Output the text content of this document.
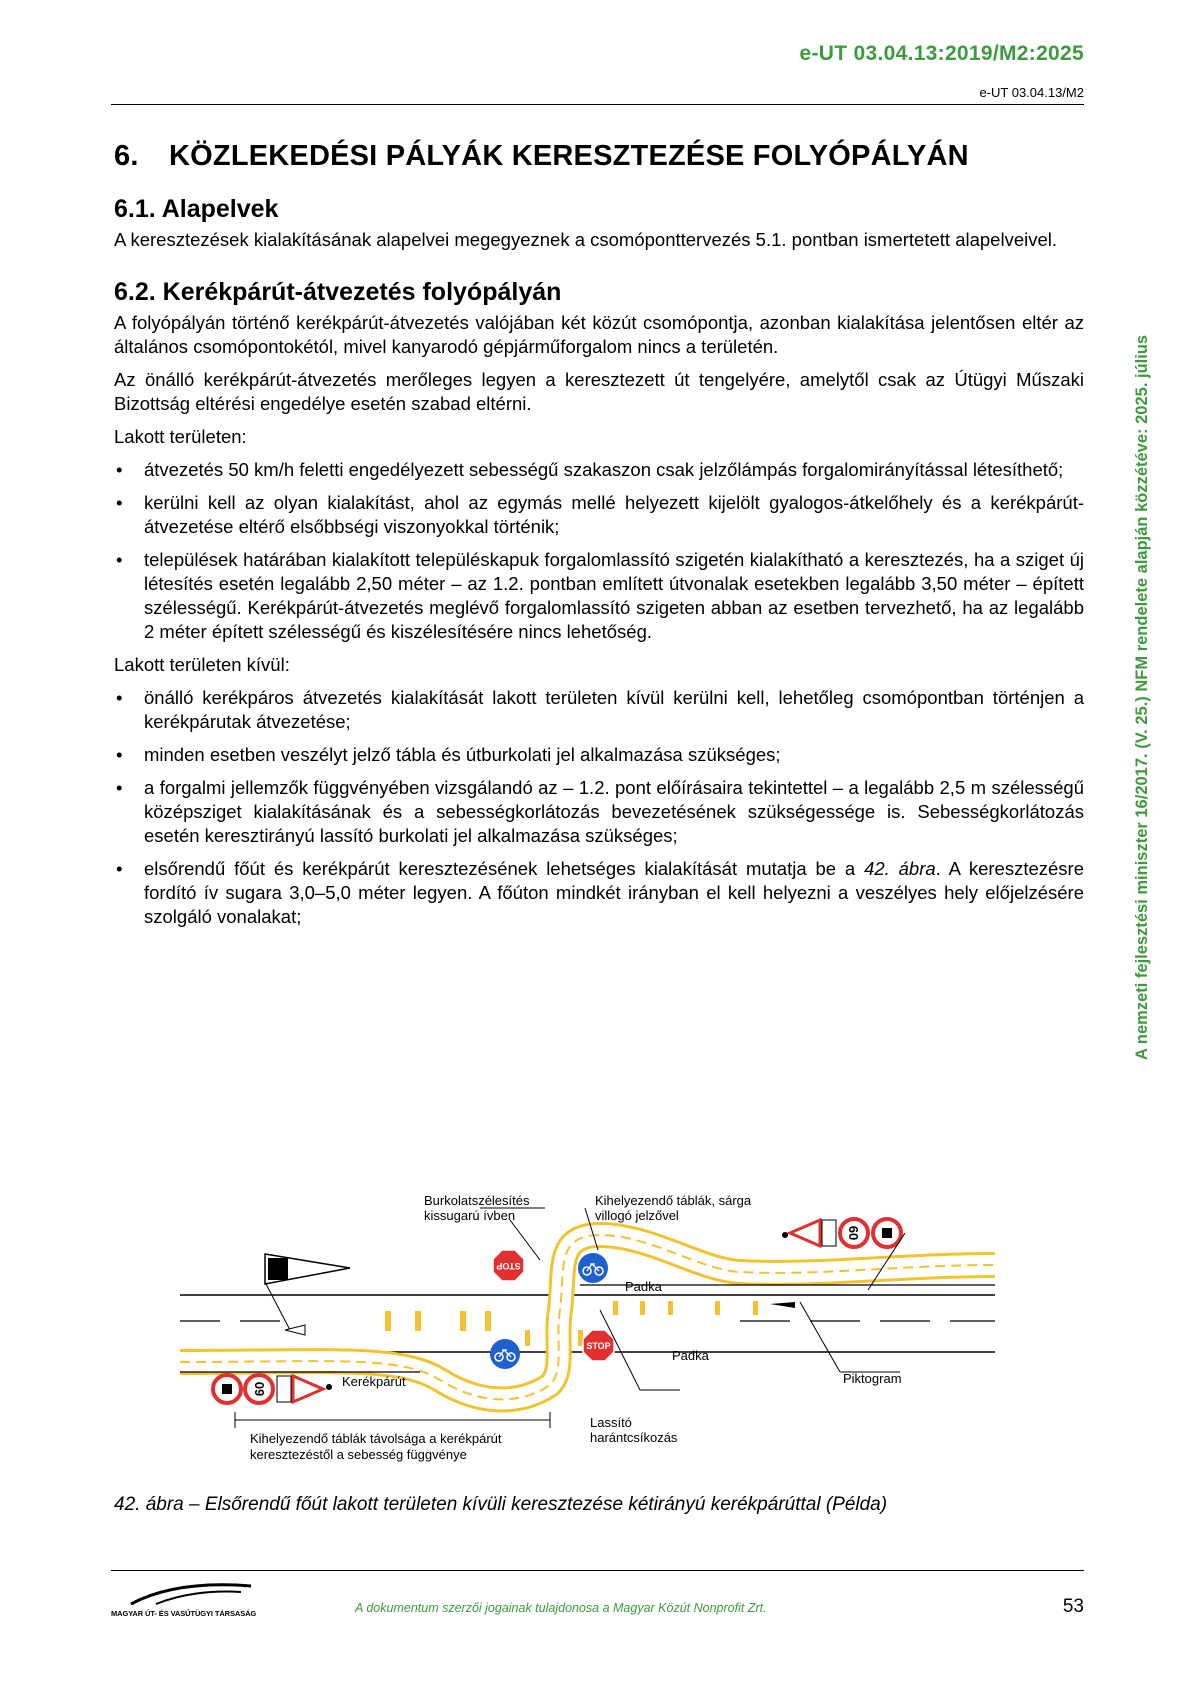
e-UT 03.04.13:2019/M2:2025
e-UT 03.04.13/M2
A nemzeti fejlesztési miniszter 16/2017. (V. 25.) NFM rendelete alapján közzétéve: 2025. július
6. KÖZLEKEDÉSI PÁLYÁK KERESZTEZÉSE FOLYÓPÁLYÁN
6.1. Alapelvek

A keresztezések kialakításának alapelvei megegyeznek a csomóponttervezés 5.1. pontban ismertetett alapelveivel.

6.2. Kerékpárút-átvezetés folyópályán

A folyópályán történő kerékpárút-átvezetés valójában két közút csomópontja, azonban kialakítása jelentősen eltér az általános csomópontokétól, mivel kanyarodó gépjárműforgalom nincs a területén.

Az önálló kerékpárút-átvezetés merőleges legyen a keresztezett út tengelyére, amelytől csak az Útügyi Műszaki Bizottság eltérési engedélye esetén szabad eltérni.

Lakott területen:

• átvezetés 50 km/h feletti engedélyezett sebességű szakaszon csak jelzőlámpás forgalomirányítással létesíthető;
• kerülni kell az olyan kialakítást, ahol az egymás mellé helyezett kijelölt gyalogos-átkelőhely és a kerékpárút-átvezetése eltérő elsőbbségi viszonyokkal történik;
• települések határában kialakított településkapuk forgalomlassító szigetén kialakítható a keresztezés, ha a sziget új létesítés esetén legalább 2,50 méter – az 1.2. pontban említett útvonalak esetekben legalább 3,50 méter – épített szélességű. Kerékpárút-átvezetés meglévő forgalomlassító szigeten abban az esetben tervezhető, ha az legalább 2 méter épített szélességű és kiszélesítésére nincs lehetőség.

Lakott területen kívül:

• önálló kerékpáros átvezetés kialakítását lakott területen kívül kerülni kell, lehetőleg csomópontban történjen a kerékpárutak átvezetése;
• minden esetben veszélyt jelző tábla és útburkolati jel alkalmazása szükséges;
• a forgalmi jellemzők függvényében vizsgálandó az – 1.2. pont előírásaira tekintettel – a legalább 2,5 m szélességű középsziget kialakításának és a sebességkorlátozás bevezetésének szükségessége is. Sebességkorlátozás esetén keresztirányú lassító burkolati jel alkalmazása szükséges;
• elsőrendű főút és kerékpárút keresztezésének lehetséges kialakítását mutatja be a 42. ábra. A keresztezésre fordító ív sugara 3,0–5,0 méter legyen. A főúton mindkét irányban el kell helyezni a veszélyes hely előjelzésére szolgáló vonalakat;
STOP
STOP
60
60
Burkolatszélesítés
kissugarú ívben
Kihelyezendő táblák, sárga
villogó jelzővel
Padka
Padka
Kerékpárút	Piktogram
Lassító
harántcsíkozás
Kihelyezendő táblák távolsága a kerékpárút
keresztezéstől a sebesség függvénye
42. ábra – Elsőrendű főút lakott területen kívüli keresztezése kétirányú kerékpárúttal (Példa)
MAGYAR ÚT- ÉS VASÚTÜGYI TÁRSASÁG	A dokumentum szerzői jogainak tulajdonosa a Magyar Közút Nonprofit Zrt.	53
